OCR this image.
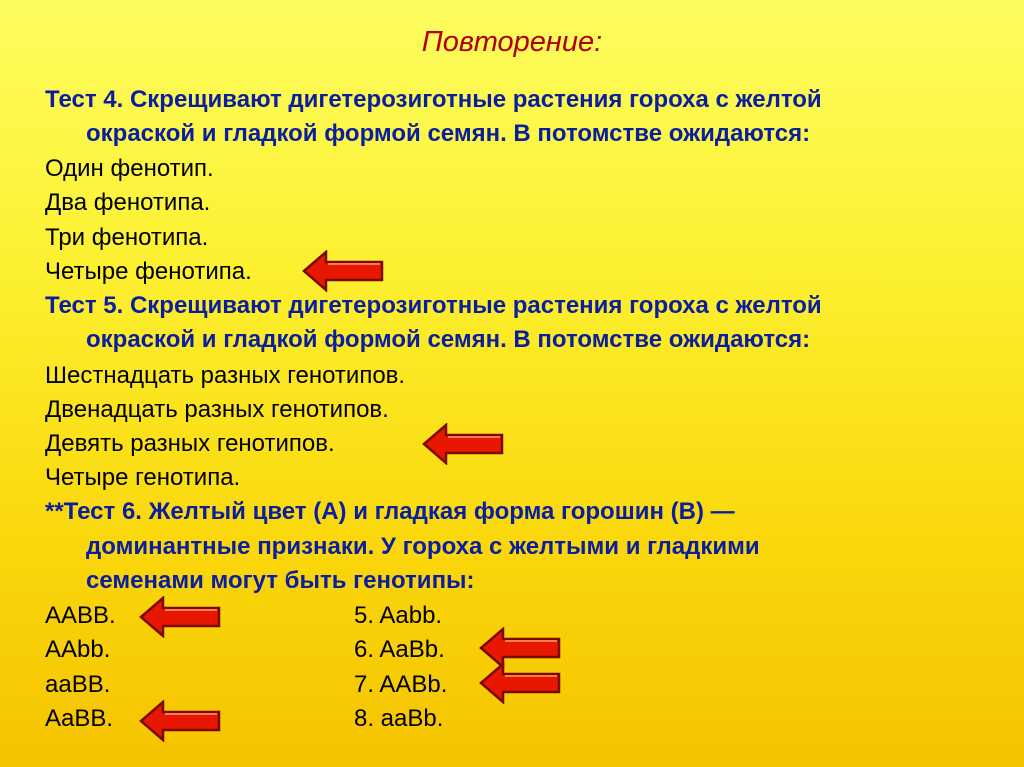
Повторение:
Тест 4. Скрещивают дигетерозиготные растения гороха с желтой
окраской и гладкой формой семян. В потомстве ожидаются:
Один фенотип.
Два фенотипа.
Три фенотипа.
Четыре фенотипа.
Тест 5. Скрещивают дигетерозиготные растения гороха с желтой
окраской и гладкой формой семян. В потомстве ожидаются:
Шестнадцать разных генотипов.
Двенадцать разных генотипов.
Девять разных генотипов.
Четыре генотипа.
**Тест 6. Желтый цвет (А) и гладкая форма горошин (В) —
доминантные признаки. У гороха с желтыми и гладкими
семенами могут быть генотипы:
AABB.
AAbb.
aaBB.
AaBB.
5. Aabb.
6. AaBb.
7. AABb.
8. aaBb.
